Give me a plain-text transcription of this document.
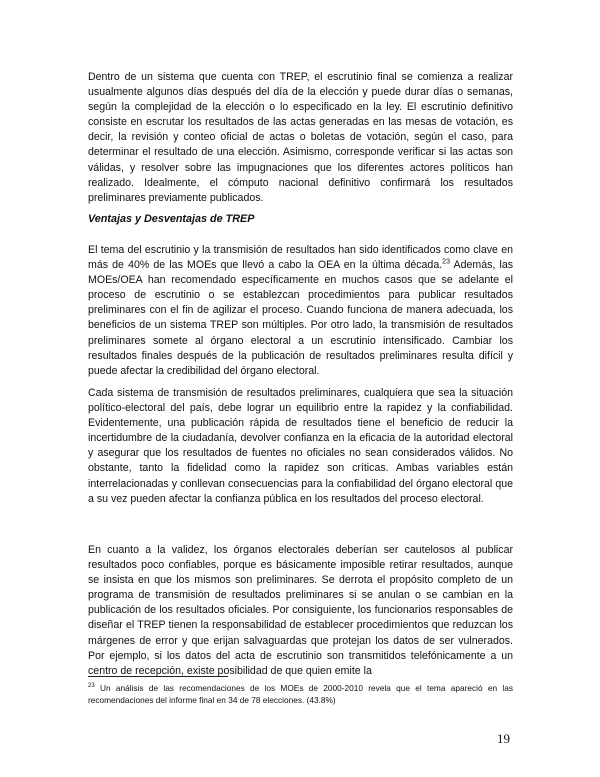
Dentro de un sistema que cuenta con TREP, el escrutinio final se comienza a realizar usualmente algunos días después del día de la elección y puede durar días o semanas, según la complejidad de la elección o lo especificado en la ley. El escrutinio definitivo consiste en escrutar los resultados de las actas generadas en las mesas de votación, es decir, la revisión y conteo oficial de actas o boletas de votación, según el caso, para determinar el resultado de una elección. Asimismo, corresponde verificar si las actas son válidas, y resolver sobre las impugnaciones que los diferentes actores políticos han realizado. Idealmente, el cómputo nacional definitivo confirmará los resultados preliminares previamente publicados.

Ventajas y Desventajas de TREP

El tema del escrutinio y la transmisión de resultados han sido identificados como clave en más de 40% de las MOEs que llevó a cabo la OEA en la última década.$^{23}$ Además, las MOEs/OEA han recomendado específicamente en muchos casos que se adelante el proceso de escrutinio o se establezcan procedimientos para publicar resultados preliminares con el fin de agilizar el proceso. Cuando funciona de manera adecuada, los beneficios de un sistema TREP son múltiples. Por otro lado, la transmisión de resultados preliminares somete al órgano electoral a un escrutinio intensificado. Cambiar los resultados finales después de la publicación de resultados preliminares resulta difícil y puede afectar la credibilidad del órgano electoral.

Cada sistema de transmisión de resultados preliminares, cualquiera que sea la situación político-electoral del país, debe lograr un equilibrio entre la rapidez y la confiabilidad. Evidentemente, una publicación rápida de resultados tiene el beneficio de reducir la incertidumbre de la ciudadanía, devolver confianza en la eficacia de la autoridad electoral y asegurar que los resultados de fuentes no oficiales no sean considerados válidos. No obstante, tanto la fidelidad como la rapidez son críticas. Ambas variables están interrelacionadas y conllevan consecuencias para la confiabilidad del órgano electoral que a su vez pueden afectar la confianza pública en los resultados del proceso electoral.

En cuanto a la validez, los órganos electorales deberían ser cautelosos al publicar resultados poco confiables, porque es básicamente imposible retirar resultados, aunque se insista en que los mismos son preliminares. Se derrota el propósito completo de un programa de transmisión de resultados preliminares si se anulan o se cambian en la publicación de los resultados oficiales. Por consiguiente, los funcionarios responsables de diseñar el TREP tienen la responsabilidad de establecer procedimientos que reduzcan los márgenes de error y que erijan salvaguardas que protejan los datos de ser vulnerados. Por ejemplo, si los datos del acta de escrutinio son transmitidos telefónicamente a un centro de recepción, existe posibilidad de que quien emite la

$^{23}$ Un análisis de las recomendaciones de los MOEs de 2000-2010 revela que el tema apareció en las recomendaciones del informe final en 34 de 78 elecciones. (43.8%)

19
